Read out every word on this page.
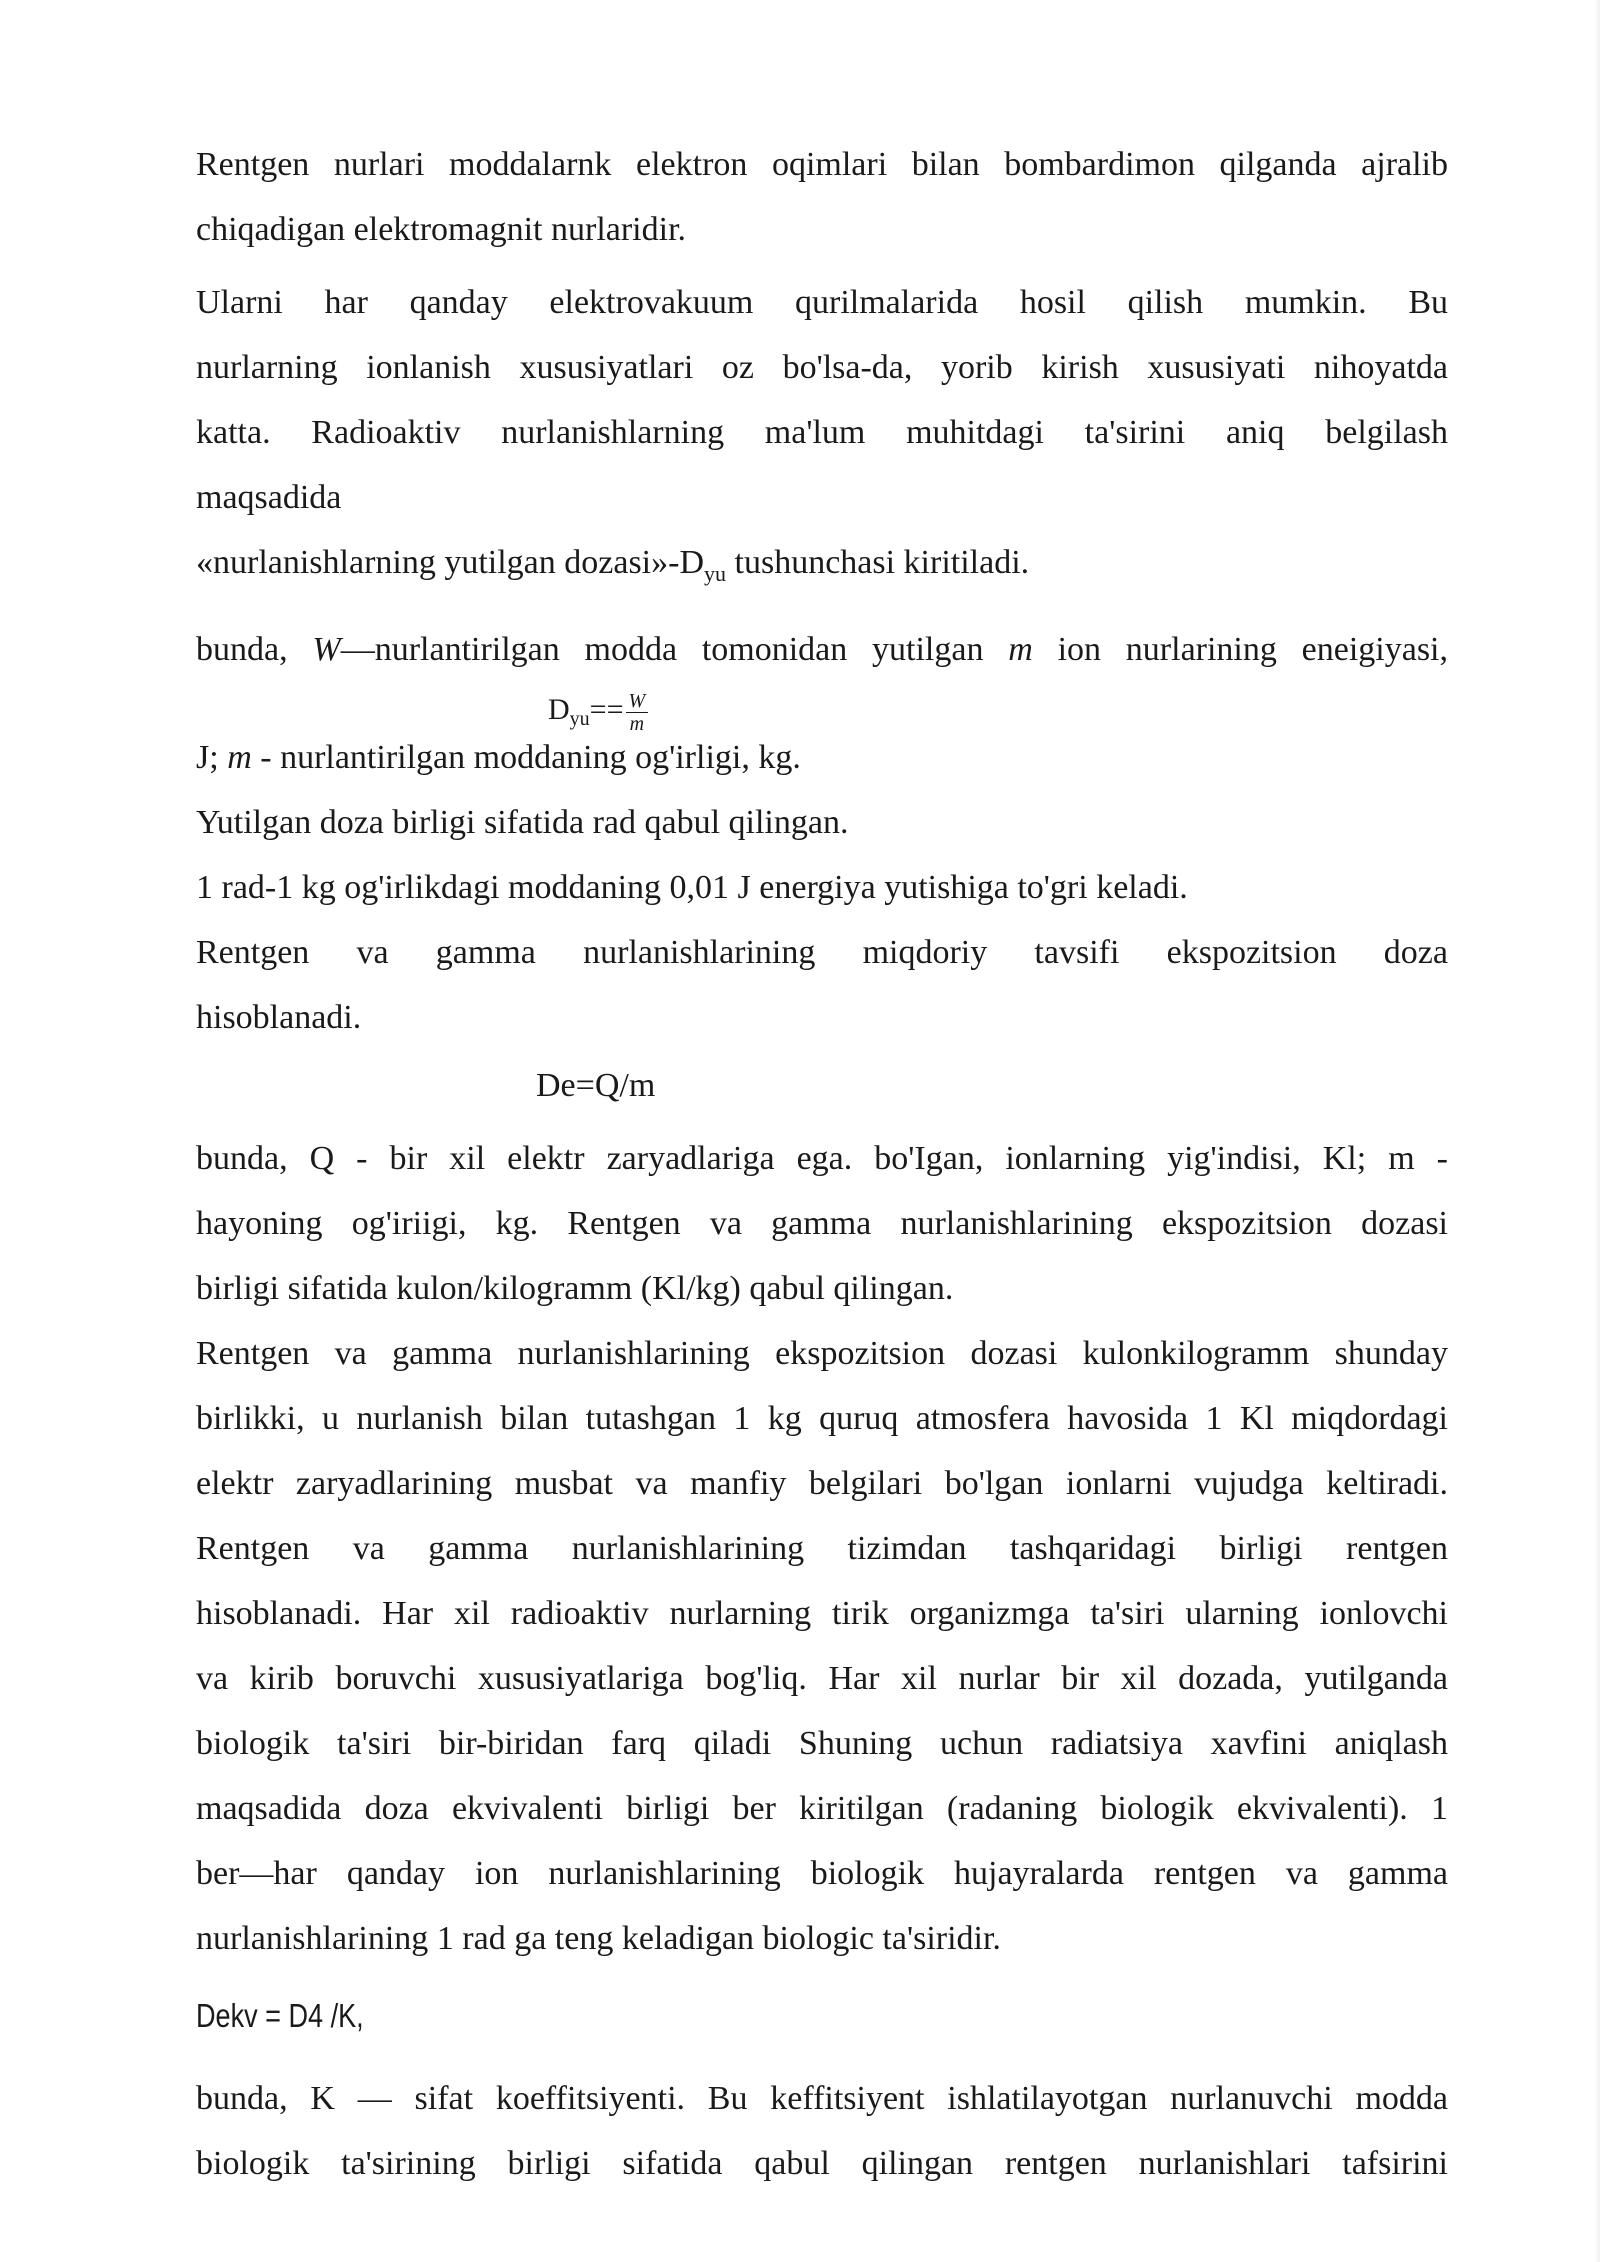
Rentgen nurlari moddalarnk elektron oqimlari bilan bombardimon qilganda ajralib
chiqadigan elektromagnit nurlaridir.
Ularni har qanday elektrovakuum qurilmalarida hosil qilish mumkin. Bu
nurlarning ionlanish xususiyatlari oz bo'lsa-da, yorib kirish xususiyati nihoyatda
katta. Radioaktiv nurlanishlarning ma'lum muhitdagi ta'sirini aniq belgilash
maqsadida
«nurlanishlarning yutilgan $dozasi»-D_{yu}$ tushunchasi kiritiladi.
bunda, W—nurlantirilgan modda tomonidan yutilgan m ion nurlarining eneigiyasi,
$D_{yu}== \frac{W}{m}$
J; m - nurlantirilgan moddaning og'irligi, kg.
Yutilgan doza birligi sifatida rad qabul qilingan.
1 rad-1 kg og'irlikdagi moddaning 0,01 J energiya yutishiga to'gri keladi.
Rentgen va gamma nurlanishlarining miqdoriy tavsifi ekspozitsion doza
hisoblanadi.
De=Q/m
bunda, Q - bir xil elektr zaryadlariga ega. bo'Igan, ionlarning yig'indisi, Kl; m -
hayoning og'iriigi, kg. Rentgen va gamma nurlanishlarining ekspozitsion dozasi
birligi sifatida kulon/kilogramm (Kl/kg) qabul qilingan.
Rentgen va gamma nurlanishlarining ekspozitsion dozasi kulonkilogramm shunday
birlikki, u nurlanish bilan tutashgan 1 kg quruq atmosfera havosida 1 Kl miqdordagi
elektr zaryadlarining musbat va manfiy belgilari bo'lgan ionlarni vujudga keltiradi.
Rentgen va gamma nurlanishlarining tizimdan tashqaridagi birligi rentgen
hisoblanadi. Har xil radioaktiv nurlarning tirik organizmga ta'siri ularning ionlovchi
va kirib boruvchi xususiyatlariga bog'liq. Har xil nurlar bir xil dozada, yutilganda
biologik ta'siri bir-biridan farq qiladi Shuning uchun radiatsiya xavfini aniqlash
maqsadida doza ekvivalenti birligi ber kiritilgan (radaning biologik ekvivalenti). 1
ber—har qanday ion nurlanishlarining biologik hujayralarda rentgen va gamma
nurlanishlarining 1 rad ga teng keladigan biologic ta'siridir.
Dekv = D4 /K,
bunda, K — sifat koeffitsiyenti. Bu keffitsiyent ishlatilayotgan nurlanuvchi modda
biologik ta'sirining birligi sifatida qabul qilingan rentgen nurlanishlari tafsirini
